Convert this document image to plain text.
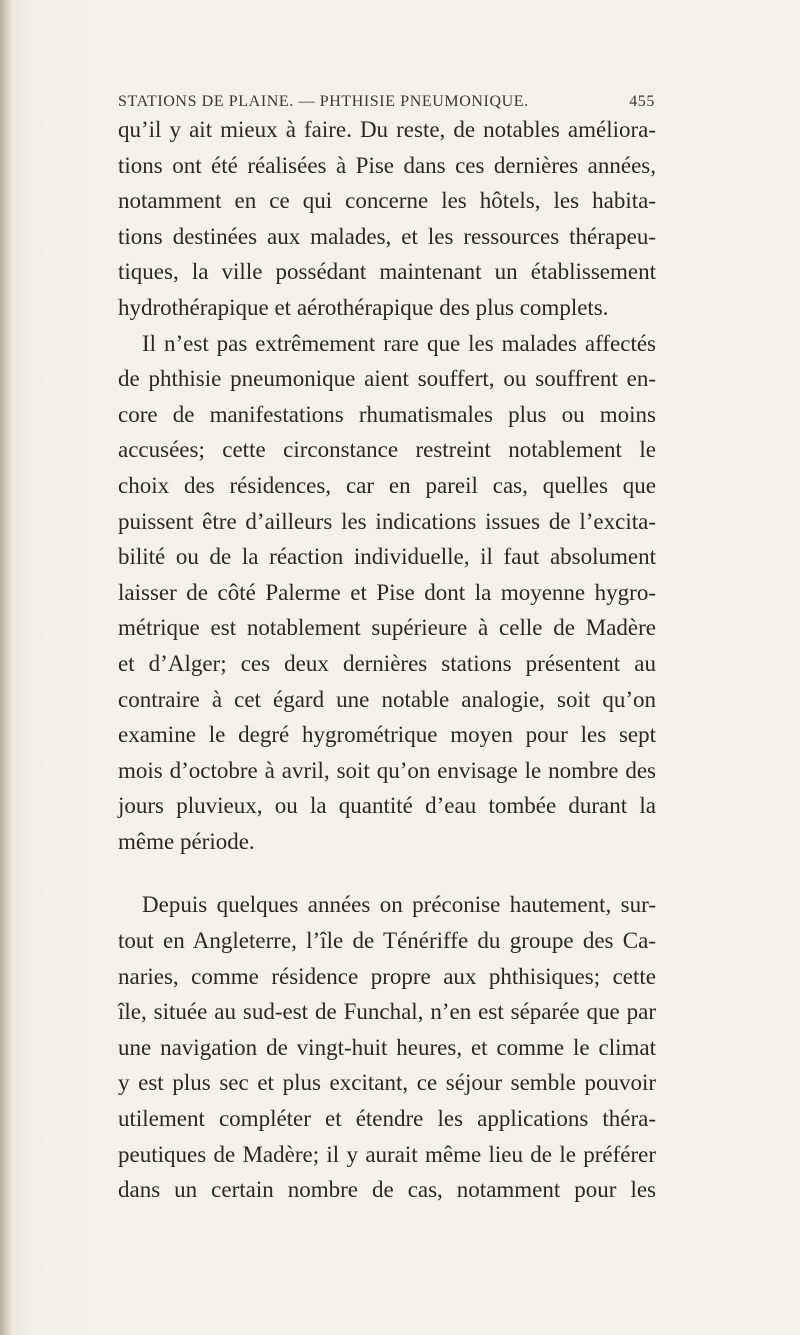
STATIONS DE PLAINE. — PHTHISIE PNEUMONIQUE.	455
qu’il y ait mieux à faire. Du reste, de notables améliora-
tions ont été réalisées à Pise dans ces dernières années,
notamment en ce qui concerne les hôtels, les habita-
tions destinées aux malades, et les ressources thérapeu-
tiques, la ville possédant maintenant un établissement
hydrothérapique et aérothérapique des plus complets.
Il n’est pas extrêmement rare que les malades affectés
de phthisie pneumonique aient souffert, ou souffrent en-
core de manifestations rhumatismales plus ou moins
accusées; cette circonstance restreint notablement le
choix des résidences, car en pareil cas, quelles que
puissent être d’ailleurs les indications issues de l’excita-
bilité ou de la réaction individuelle, il faut absolument
laisser de côté Palerme et Pise dont la moyenne hygro-
métrique est notablement supérieure à celle de Madère
et d’Alger; ces deux dernières stations présentent au
contraire à cet égard une notable analogie, soit qu’on
examine le degré hygrométrique moyen pour les sept
mois d’octobre à avril, soit qu’on envisage le nombre des
jours pluvieux, ou la quantité d’eau tombée durant la
même période.
Depuis quelques années on préconise hautement, sur-
tout en Angleterre, l’île de Ténériffe du groupe des Ca-
naries, comme résidence propre aux phthisiques; cette
île, située au sud-est de Funchal, n’en est séparée que par
une navigation de vingt-huit heures, et comme le climat
y est plus sec et plus excitant, ce séjour semble pouvoir
utilement compléter et étendre les applications théra-
peutiques de Madère; il y aurait même lieu de le préférer
dans un certain nombre de cas, notamment pour les
